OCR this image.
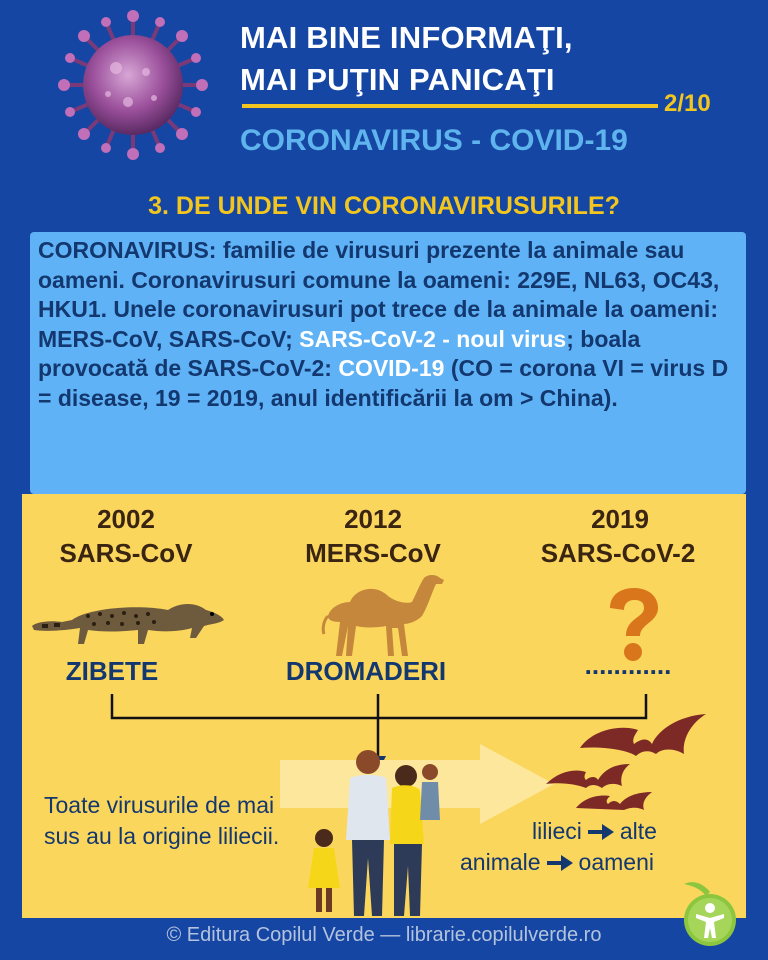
MAI BINE INFORMAŢI,
MAI PUŢIN PANICAŢI
2/10
CORONAVIRUS - COVID-19
3. DE UNDE VIN CORONAVIRUSURILE?
CORONAVIRUS: familie de virusuri prezente la animale sau oameni. Coronavirusuri comune la oameni: 229E, NL63, OC43, HKU1. Unele coronavirusuri pot trece de la animale la oameni: MERS-CoV, SARS-CoV; SARS-CoV-2 - noul virus; boala provocată de SARS-CoV-2: COVID-19 (CO = corona VI = virus D = disease, 19 = 2019, anul identificării la om > China).
2002
SARS-CoV
2012
MERS-CoV
2019
SARS-CoV-2
ZIBETE	DROMADERI	............
Toate virusurile de mai sus au la origine liliecii.	lilieci alte
animale oameni
© Editura Copilul Verde — librarie.copilulverde.ro
